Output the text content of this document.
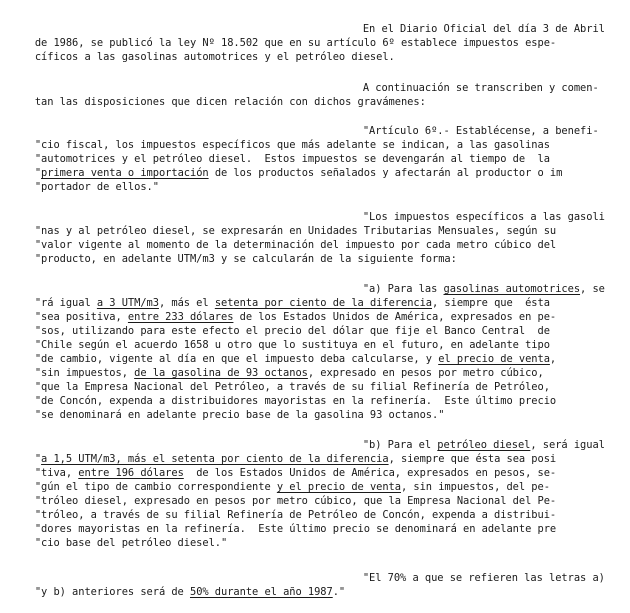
En el Diario Oficial del día 3 de Abril

de 1986, se publicó la ley Nº 18.502 que en su artículo 6º establece impuestos espe-

cíficos a las gasolinas automotrices y el petróleo diesel.

A continuación se transcriben y comen-

tan las disposiciones que dicen relación con dichos gravámenes:

"Artículo 6º.- Establécense, a benefi-

"cio fiscal, los impuestos específicos que más adelante se indican, a las gasolinas

"automotrices y el petróleo diesel.  Estos impuestos se devengarán al tiempo de  la

"primera venta o importación de los productos señalados y afectarán al productor o im

"portador de ellos."

"Los impuestos específicos a las gasoli

"nas y al petróleo diesel, se expresarán en Unidades Tributarias Mensuales, según su

"valor vigente al momento de la determinación del impuesto por cada metro cúbico del

"producto, en adelante UTM/m3 y se calcularán de la siguiente forma:

"a) Para las gasolinas automotrices, se

"rá igual a 3 UTM/m3, más el setenta por ciento de la diferencia, siempre que  ésta

"sea positiva, entre 233 dólares de los Estados Unidos de América, expresados en pe-

"sos, utilizando para este efecto el precio del dólar que fije el Banco Central  de

"Chile según el acuerdo 1658 u otro que lo sustituya en el futuro, en adelante tipo

"de cambio, vigente al día en que el impuesto deba calcularse, y el precio de venta,

"sin impuestos, de la gasolina de 93 octanos, expresado en pesos por metro cúbico,

"que la Empresa Nacional del Petróleo, a través de su filial Refinería de Petróleo,

"de Concón, expenda a distribuidores mayoristas en la refinería.  Este último precio

"se denominará en adelante precio base de la gasolina 93 octanos."

"b) Para el petróleo diesel, será igual

"a 1,5 UTM/m3, más el setenta por ciento de la diferencia, siempre que ésta sea posi

"tiva, entre 196 dólares  de los Estados Unidos de América, expresados en pesos, se-

"gún el tipo de cambio correspondiente y el precio de venta, sin impuestos, del pe-

"tróleo diesel, expresado en pesos por metro cúbico, que la Empresa Nacional del Pe-

"tróleo, a través de su filial Refinería de Petróleo de Concón, expenda a distribui-

"dores mayoristas en la refinería.  Este último precio se denominará en adelante pre

"cio base del petróleo diesel."

"El 70% a que se refieren las letras a)

"y b) anteriores será de 50% durante el año 1987."
